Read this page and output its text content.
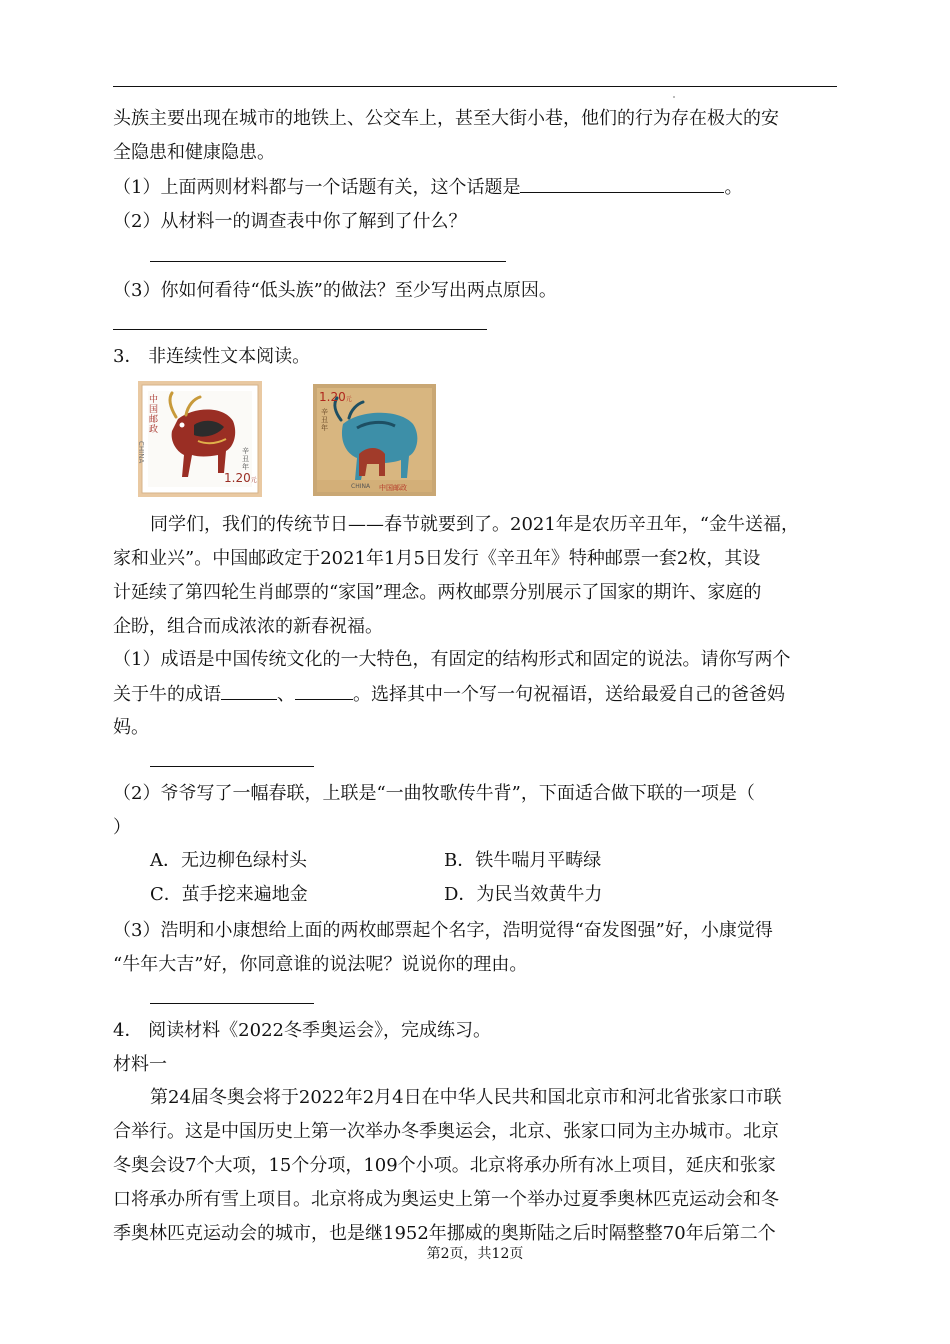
头族主要出现在城市的地铁上、公交车上，甚至大街小巷，他们的行为存在极大的安
全隐患和健康隐患。
（1）上面两则材料都与一个话题有关，这个话题是	。
（2）从材料一的调查表中你了解到了什么？
（3）你如何看待“低头族”的做法？至少写出两点原因。
3． 非连续性文本阅读。
中国邮政
CHINA	辛丑年
1.20元
1.20元
辛丑年
中国邮政
CHINA
同学们，我们的传统节日——春节就要到了。2021年是农历辛丑年，“金牛送福，
家和业兴”。中国邮政定于2021年1月5日发行《辛丑年》特种邮票一套2枚，其设
计延续了第四轮生肖邮票的“家国”理念。两枚邮票分别展示了国家的期许、家庭的
企盼，组合而成浓浓的新春祝福。
（1）成语是中国传统文化的一大特色，有固定的结构形式和固定的说法。请你写两个
关于牛的成语	、	。选择其中一个写一句祝福语，送给最爱自己的爸爸妈
妈。
（2）爷爷写了一幅春联，上联是“一曲牧歌传牛背”，下面适合做下联的一项是（
）
A．无边柳色绿村头	B．铁牛喘月平畴绿
C．茧手挖来遍地金	D．为民当效黄牛力
（3）浩明和小康想给上面的两枚邮票起个名字，浩明觉得“奋发图强”好，小康觉得
“牛年大吉”好，你同意谁的说法呢？说说你的理由。
4． 阅读材料《2022冬季奥运会》，完成练习。
材料一
第24届冬奥会将于2022年2月4日在中华人民共和国北京市和河北省张家口市联
合举行。这是中国历史上第一次举办冬季奥运会，北京、张家口同为主办城市。北京
冬奥会设7个大项，15个分项，109个小项。北京将承办所有冰上项目，延庆和张家
口将承办所有雪上项目。北京将成为奥运史上第一个举办过夏季奥林匹克运动会和冬
季奥林匹克运动会的城市，也是继1952年挪威的奥斯陆之后时隔整整70年后第二个
第2页，共12页
